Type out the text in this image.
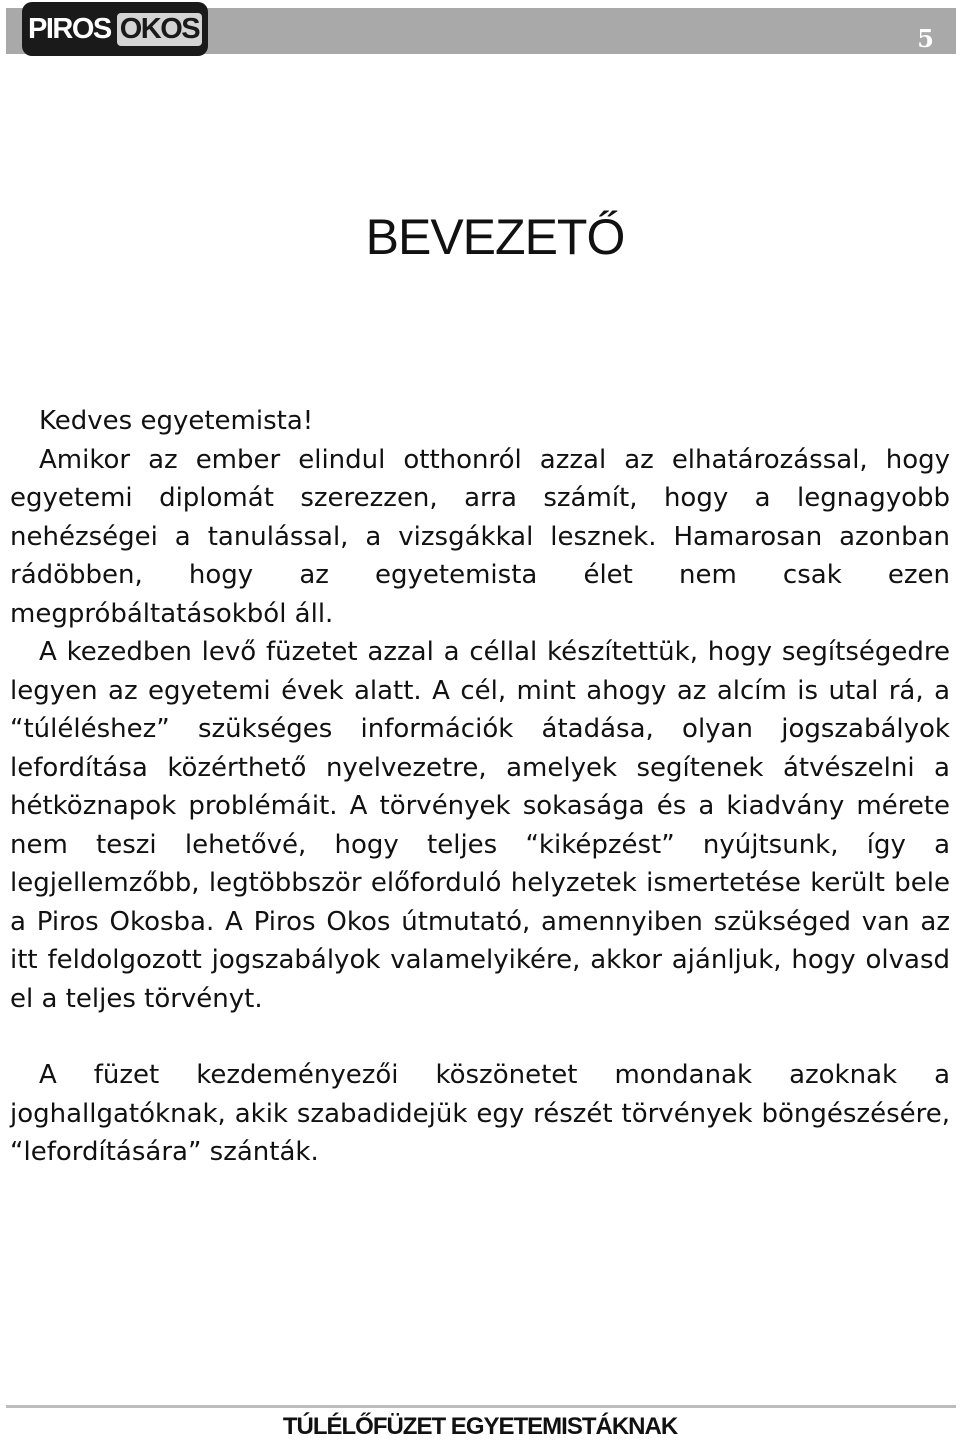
5
PIROS OKOS
BEVEZETŐ

Kedves egyetemista!

Amikor az ember elindul otthonról azzal az elhatározással, hogy egyetemi diplomát szerezzen, arra számít, hogy a legnagyobb nehézségei a tanulással, a vizsgákkal lesznek. Hamarosan azonban rádöbben, hogy az egyetemista élet nem csak ezen megpróbáltatásokból áll.

A kezedben levő füzetet azzal a céllal készítettük, hogy segítségedre legyen az egyetemi évek alatt. A cél, mint ahogy az alcím is utal rá, a “túléléshez” szükséges információk átadása, olyan jogszabályok lefordítása közérthető nyelvezetre, amelyek segítenek átvészelni a hétköznapok problémáit. A törvények sokasága és a kiadvány mérete nem teszi lehetővé, hogy teljes “kiképzést” nyújtsunk, így a legjellemzőbb, legtöbbször előforduló helyzetek ismertetése került bele a Piros Okosba. A Piros Okos útmutató, amennyiben szükséged van az itt feldolgozott jogszabályok valamelyikére, akkor ajánljuk, hogy olvasd el a teljes törvényt.

A füzet kezdeményezői köszönetet mondanak azoknak a joghallgatóknak, akik szabadidejük egy részét törvények böngészésére, “lefordítására” szánták.

TÚLÉLŐFÜZET EGYETEMISTÁKNAK
